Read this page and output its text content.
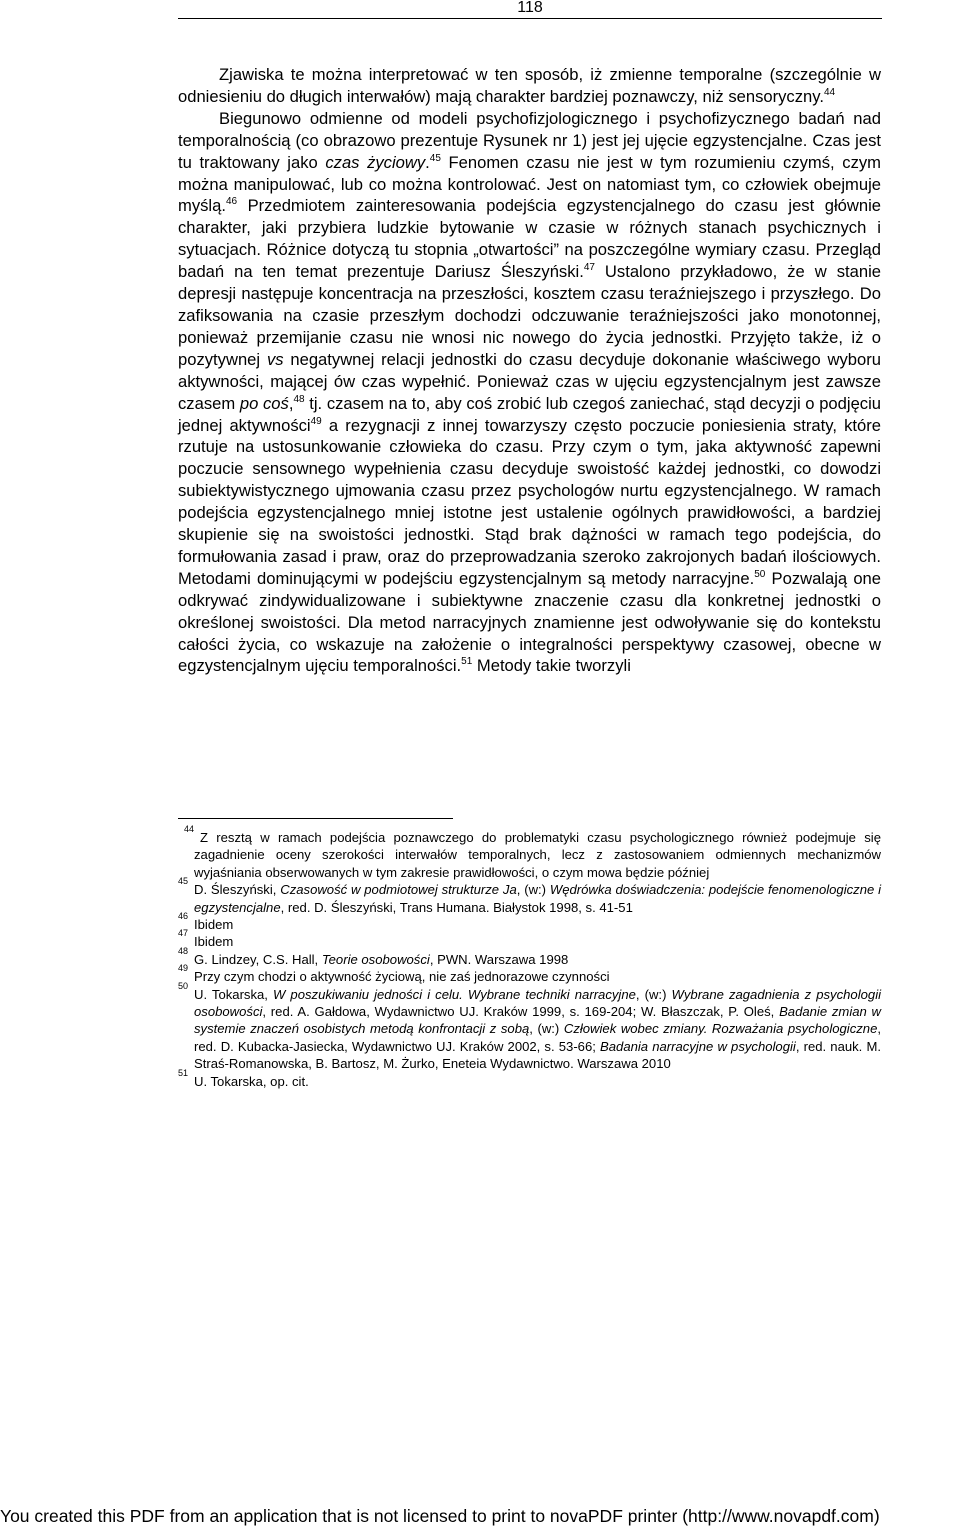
118

Zjawiska te można interpretować w ten sposób, iż zmienne temporalne (szczególnie w odniesieniu do długich interwałów) mają charakter bardziej poznawczy, niż sensoryczny.$^{44}$

Biegunowo odmienne od modeli psychofizjologicznego i psychofizycznego badań nad temporalnością (co obrazowo prezentuje Rysunek nr 1) jest jej ujęcie egzystencjalne. Czas jest tu traktowany jako czas życiowy.$^{45}$ Fenomen czasu nie jest w tym rozumieniu czymś, czym można manipulować, lub co można kontrolować. Jest on natomiast tym, co człowiek obejmuje myślą.$^{46}$ Przedmiotem zainteresowania podejścia egzystencjalnego do czasu jest głównie charakter, jaki przybiera ludzkie bytowanie w czasie w różnych stanach psychicznych i sytuacjach. Różnice dotyczą tu stopnia „otwartości” na poszczególne wymiary czasu. Przegląd badań na ten temat prezentuje Dariusz Śleszyński.$^{47}$ Ustalono przykładowo, że w stanie depresji następuje koncentracja na przeszłości, kosztem czasu teraźniejszego i przyszłego. Do zafiksowania na czasie przeszłym dochodzi odczuwanie teraźniejszości jako monotonnej, ponieważ przemijanie czasu nie wnosi nic nowego do życia jednostki. Przyjęto także, iż o pozytywnej vs negatywnej relacji jednostki do czasu decyduje dokonanie właściwego wyboru aktywności, mającej ów czas wypełnić. Ponieważ czas w ujęciu egzystencjalnym jest zawsze czasem po coś,$^{48}$ tj. czasem na to, aby coś zrobić lub czegoś zaniechać, stąd decyzji o podjęciu jednej aktywności$^{49}$ a rezygnacji z innej towarzyszy często poczucie poniesienia straty, które rzutuje na ustosunkowanie człowieka do czasu. Przy czym o tym, jaka aktywność zapewni poczucie sensownego wypełnienia czasu decyduje swoistość każdej jednostki, co dowodzi subiektywistycznego ujmowania czasu przez psychologów nurtu egzystencjalnego. W ramach podejścia egzystencjalnego mniej istotne jest ustalenie ogólnych prawidłowości, a bardziej skupienie się na swoistości jednostki. Stąd brak dążności w ramach tego podejścia, do formułowania zasad i praw, oraz do przeprowadzania szeroko zakrojonych badań ilościowych. Metodami dominującymi w podejściu egzystencjalnym są metody narracyjne.$^{50}$ Pozwalają one odkrywać zindywidualizowane i subiektywne znaczenie czasu dla konkretnej jednostki o określonej swoistości. Dla metod narracyjnych znamienne jest odwoływanie się do kontekstu całości życia, co wskazuje na założenie o integralności perspektywy czasowej, obecne w egzystencjalnym ujęciu temporalności.$^{51}$ Metody takie tworzyli

44
Z resztą w ramach podejścia poznawczego do problematyki czasu psychologicznego również podejmuje się zagadnienie oceny szerokości interwałów temporalnych, lecz z zastosowaniem odmiennych mechanizmów wyjaśniania obserwowanych w tym zakresie prawidłowości, o czym mowa będzie później

45
D. Śleszyński, Czasowość w podmiotowej strukturze Ja, (w:) Wędrówka doświadczenia: podejście fenomenologiczne i egzystencjalne, red. D. Śleszyński, Trans Humana. Białystok 1998, s. 41-51

46
Ibidem

47
Ibidem

48
G. Lindzey, C.S. Hall, Teorie osobowości, PWN. Warszawa 1998

49
Przy czym chodzi o aktywność życiową, nie zaś jednorazowe czynności

50
U. Tokarska, W poszukiwaniu jedności i celu. Wybrane techniki narracyjne, (w:) Wybrane zagadnienia z psychologii osobowości, red. A. Gałdowa, Wydawnictwo UJ. Kraków 1999, s. 169-204; W. Błaszczak, P. Oleś, Badanie zmian w systemie znaczeń osobistych metodą konfrontacji z sobą, (w:) Człowiek wobec zmiany. Rozważania psychologiczne, red. D. Kubacka-Jasiecka, Wydawnictwo UJ. Kraków 2002, s. 53-66; Badania narracyjne w psychologii, red. nauk. M. Straś-Romanowska, B. Bartosz, M. Żurko, Eneteia Wydawnictwo. Warszawa 2010

51
U. Tokarska, op. cit.

You created this PDF from an application that is not licensed to print to novaPDF printer (http://www.novapdf.com)
